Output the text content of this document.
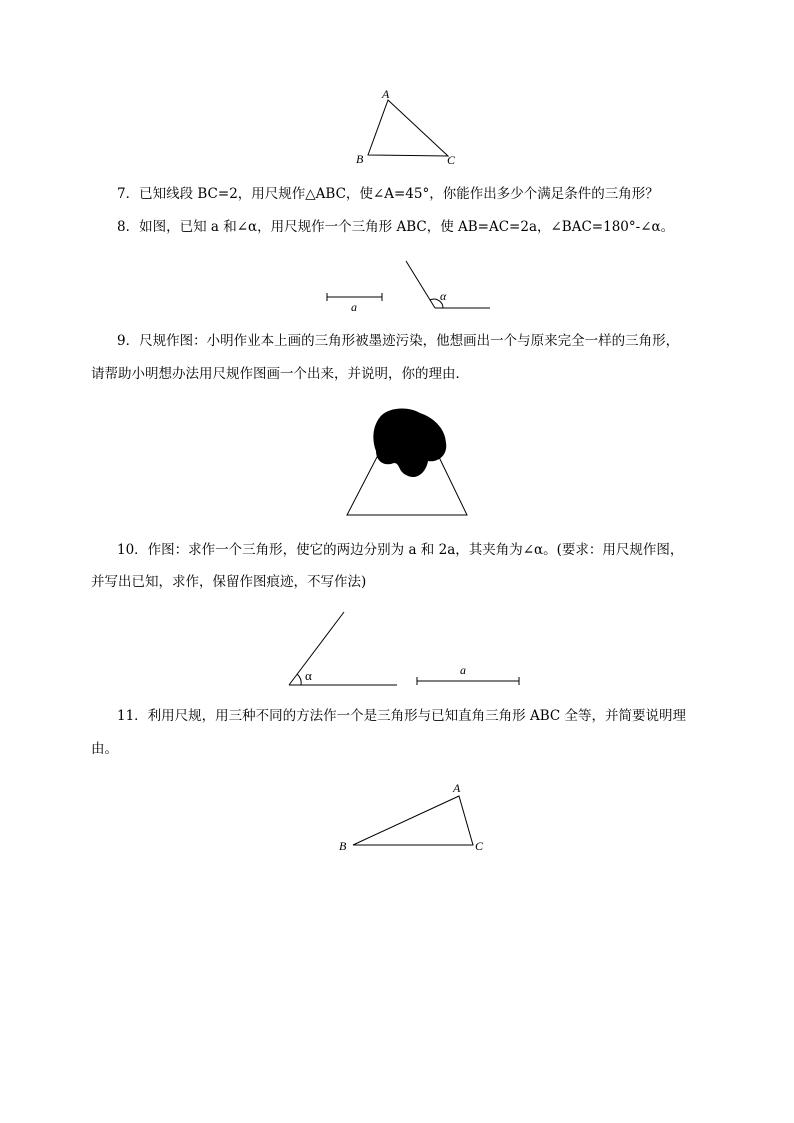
A
B	C
7．已知线段 BC=2，用尺规作△ABC，使∠A=45°，你能作出多少个满足条件的三角形？
8．如图，已知 a 和∠α，用尺规作一个三角形 ABC，使 AB=AC=2a，∠BAC=180°-∠α。
a
α
9．尺规作图：小明作业本上画的三角形被墨迹污染，他想画出一个与原来完全一样的三角形，
请帮助小明想办法用尺规作图画一个出来，并说明，你的理由．
10．作图：求作一个三角形，使它的两边分别为 a 和 2a，其夹角为∠α。(要求：用尺规作图，
并写出已知，求作，保留作图痕迹，不写作法)
α	a
11．利用尺规，用三种不同的方法作一个是三角形与已知直角三角形 ABC 全等，并简要说明理
由。
A
B	C
